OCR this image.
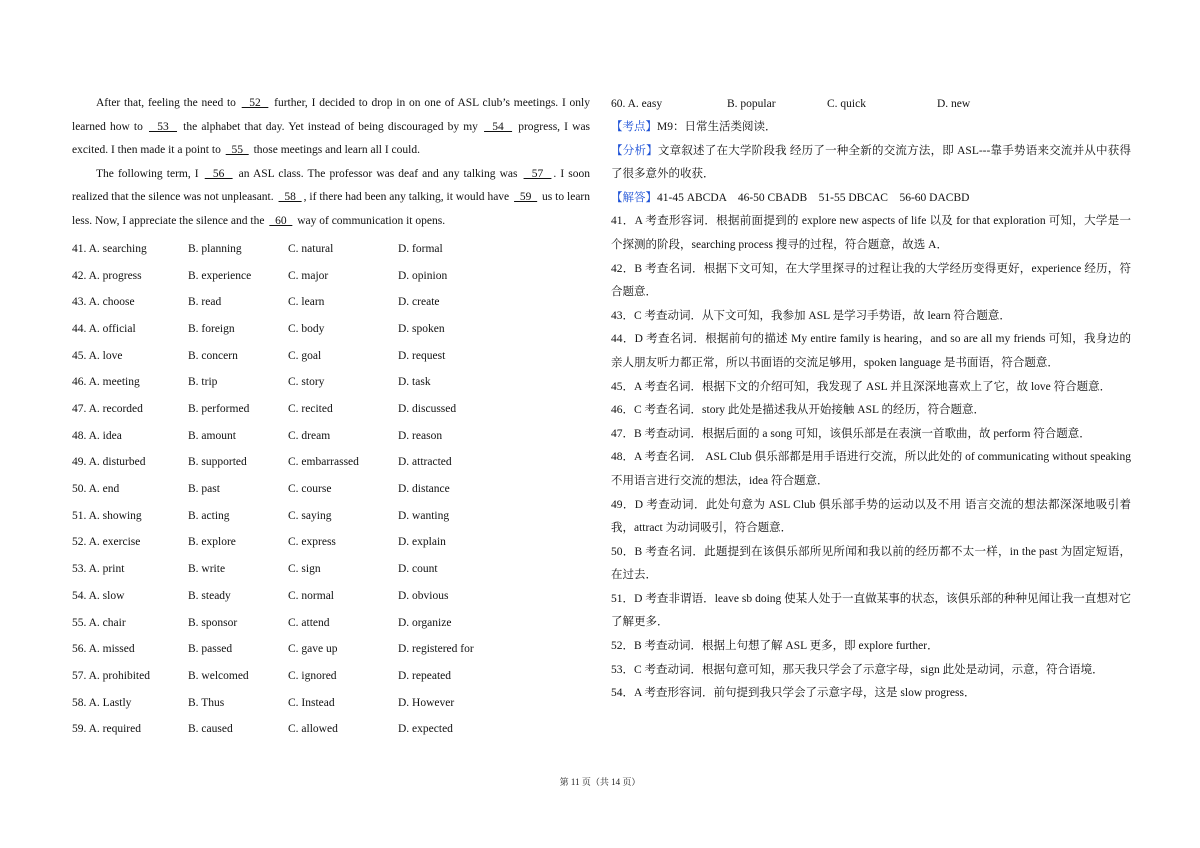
After that, feeling the need to   52   further, I decided to drop in on one of ASL club’s meetings. I only learned how to   53   the alphabet that day. Yet instead of being discouraged by my   54   progress, I was excited. I then made it a point to   55   those meetings and learn all I could.

The following term, I   56   an ASL class. The professor was deaf and any talking was   57  . I soon realized that the silence was not unpleasant.   58  , if there had been any talking, it would have   59   us to learn less. Now, I appreciate the silence and the   60   way of communication it opens.

41. A. searching	B. planning	C. natural	D. formal
42. A. progress	B. experience	C. major	D. opinion
43. A. choose	B. read	C. learn	D. create
44. A. official	B. foreign	C. body	D. spoken
45. A. love	B. concern	C. goal	D. request
46. A. meeting	B. trip	C. story	D. task
47. A. recorded	B. performed	C. recited	D. discussed
48. A. idea	B. amount	C. dream	D. reason
49. A. disturbed	B. supported	C. embarrassed	D. attracted
50. A. end	B. past	C. course	D. distance
51. A. showing	B. acting	C. saying	D. wanting
52. A. exercise	B. explore	C. express	D. explain
53. A. print	B. write	C. sign	D. count
54. A. slow	B. steady	C. normal	D. obvious
55. A. chair	B. sponsor	C. attend	D. organize
56. A. missed	B. passed	C. gave up	D. registered for
57. A. prohibited	B. welcomed	C. ignored	D. repeated
58. A. Lastly	B. Thus	C. Instead	D. However
59. A. required	B. caused	C. allowed	D. expected
60. A. easy	B. popular	C. quick	D. new

【考点】M9：日常生活类阅读．

【分析】文章叙述了在大学阶段我 经历了一种全新的交流方法，即 ASL---靠手势语来交流并从中获得了很多意外的收获．

【解答】41-45 ABCDA    46-50 CBADB    51-55 DBCAC    56-60 DACBD

41．A 考查形容词．根据前面提到的 explore new aspects of life 以及 for that exploration 可知，大学是一个探测的阶段，searching process 搜寻的过程，符合题意，故选 A．

42．B 考查名词．根据下文可知，在大学里探寻的过程让我的大学经历变得更好，experience 经历，符合题意．

43．C 考查动词．从下文可知，我参加 ASL 是学习手势语，故 learn 符合题意．

44．D 考查名词．根据前句的描述 My entire family is hearing，and so are all my friends 可知，我身边的亲人朋友听力都正常，所以书面语的交流足够用，spoken language 是书面语，符合题意．

45．A 考查名词．根据下文的介绍可知，我发现了 ASL 并且深深地喜欢上了它，故 love 符合题意．

46．C 考查名词．story 此处是描述我从开始接触 ASL 的经历，符合题意．

47．B 考查动词．根据后面的 a song 可知，该俱乐部是在表演一首歌曲，故 perform 符合题意．

48．A 考查名词． ASL Club 俱乐部都是用手语进行交流，所以此处的 of communicating without speaking 不用语言进行交流的想法，idea 符合题意．

49．D 考查动词．此处句意为 ASL Club 俱乐部手势的运动以及不用 语言交流的想法都深深地吸引着我，attract 为动词吸引，符合题意．

50．B 考查名词．此题提到在该俱乐部所见所闻和我以前的经历都不太一样，in the past 为固定短语，在过去．

51．D 考查非谓语．leave sb doing 使某人处于一直做某事的状态，该俱乐部的种种见闻让我一直想对它了解更多．

52．B 考查动词．根据上句想了解 ASL 更多，即 explore further．

53．C 考查动词．根据句意可知，那天我只学会了示意字母，sign 此处是动词，示意，符合语境．

54．A 考查形容词．前句提到我只学会了示意字母，这是 slow progress．

第 11 页（共 14 页）
